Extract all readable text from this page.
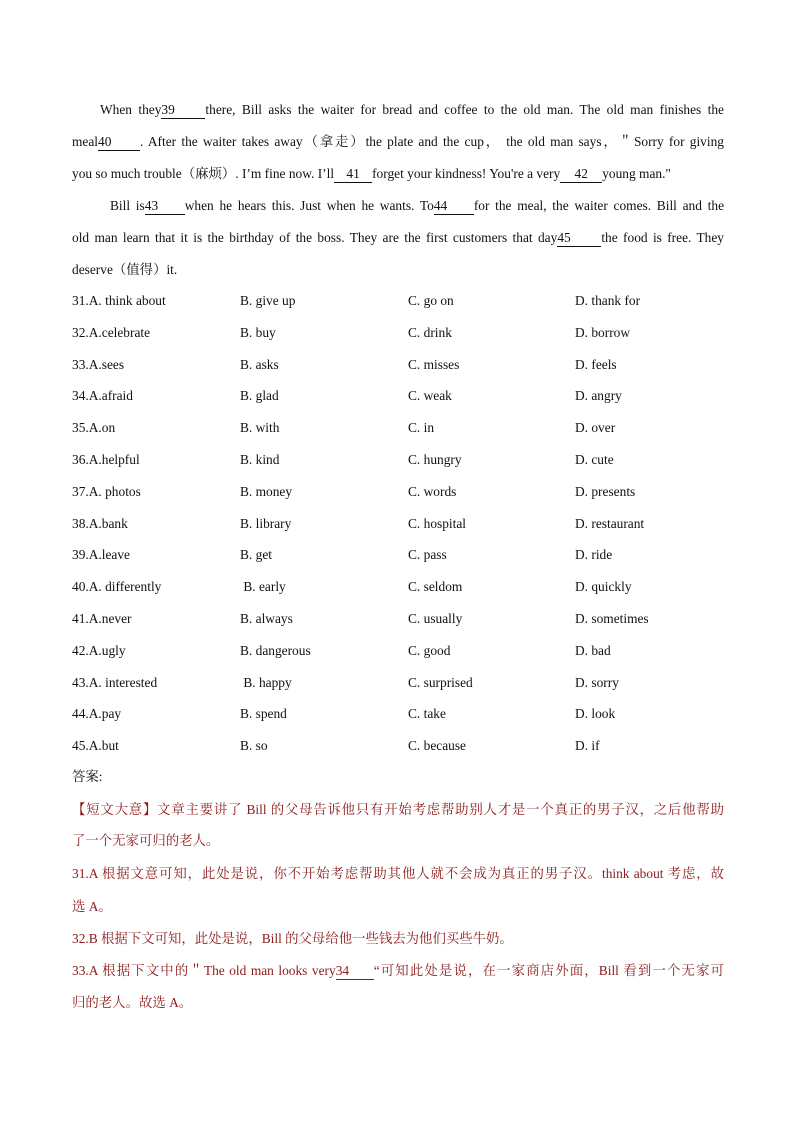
When they39 there, Bill asks the waiter for bread and coffee to the old man. The old man finishes the
meal40 . After the waiter takes away（拿走）the plate and the cup， the old man says，＂Sorry for giving
you so much trouble（麻烦）. I’m fine now. I’ll 41 forget your kindness! You're a very 42 young man."
Bill is43 when he hears this. Just when he wants. To44 for the meal, the waiter comes. Bill and the
old man learn that it is the birthday of the boss. They are the first customers that day45 the food is free. They
deserve（值得）it.
31.A. think about	B. give up	C. go on	D. thank for
32.A.celebrate	B. buy	C. drink	D. borrow
33.A.sees	B. asks	C. misses	D. feels
34.A.afraid	B. glad	C. weak	D. angry
35.A.on	B. with	C. in	D. over
36.A.helpful	B. kind	C. hungry	D. cute
37.A. photos	B. money	C. words	D. presents
38.A.bank	B. library	C. hospital	D. restaurant
39.A.leave	B. get	C. pass	D. ride
40.A. differently	B. early	C. seldom	D. quickly
41.A.never	B. always	C. usually	D. sometimes
42.A.ugly	B. dangerous	C. good	D. bad
43.A. interested	B. happy	C. surprised	D. sorry
44.A.pay	B. spend	C. take	D. look
45.A.but	B. so	C. because	D. if
答案:
【短文大意】文章主要讲了 Bill 的父母告诉他只有开始考虑帮助别人才是一个真正的男子汉，之后他帮助
了一个无家可归的老人。
31.A 根据文意可知，此处是说，你不开始考虑帮助其他人就不会成为真正的男子汉。think about 考虑，故
选 A。
32.B 根据下文可知，此处是说，Bill 的父母给他一些钱去为他们买些牛奶。
33.A 根据下文中的＂The old man looks very34 “可知此处是说，在一家商店外面，Bill 看到一个无家可
归的老人。故选 A。
